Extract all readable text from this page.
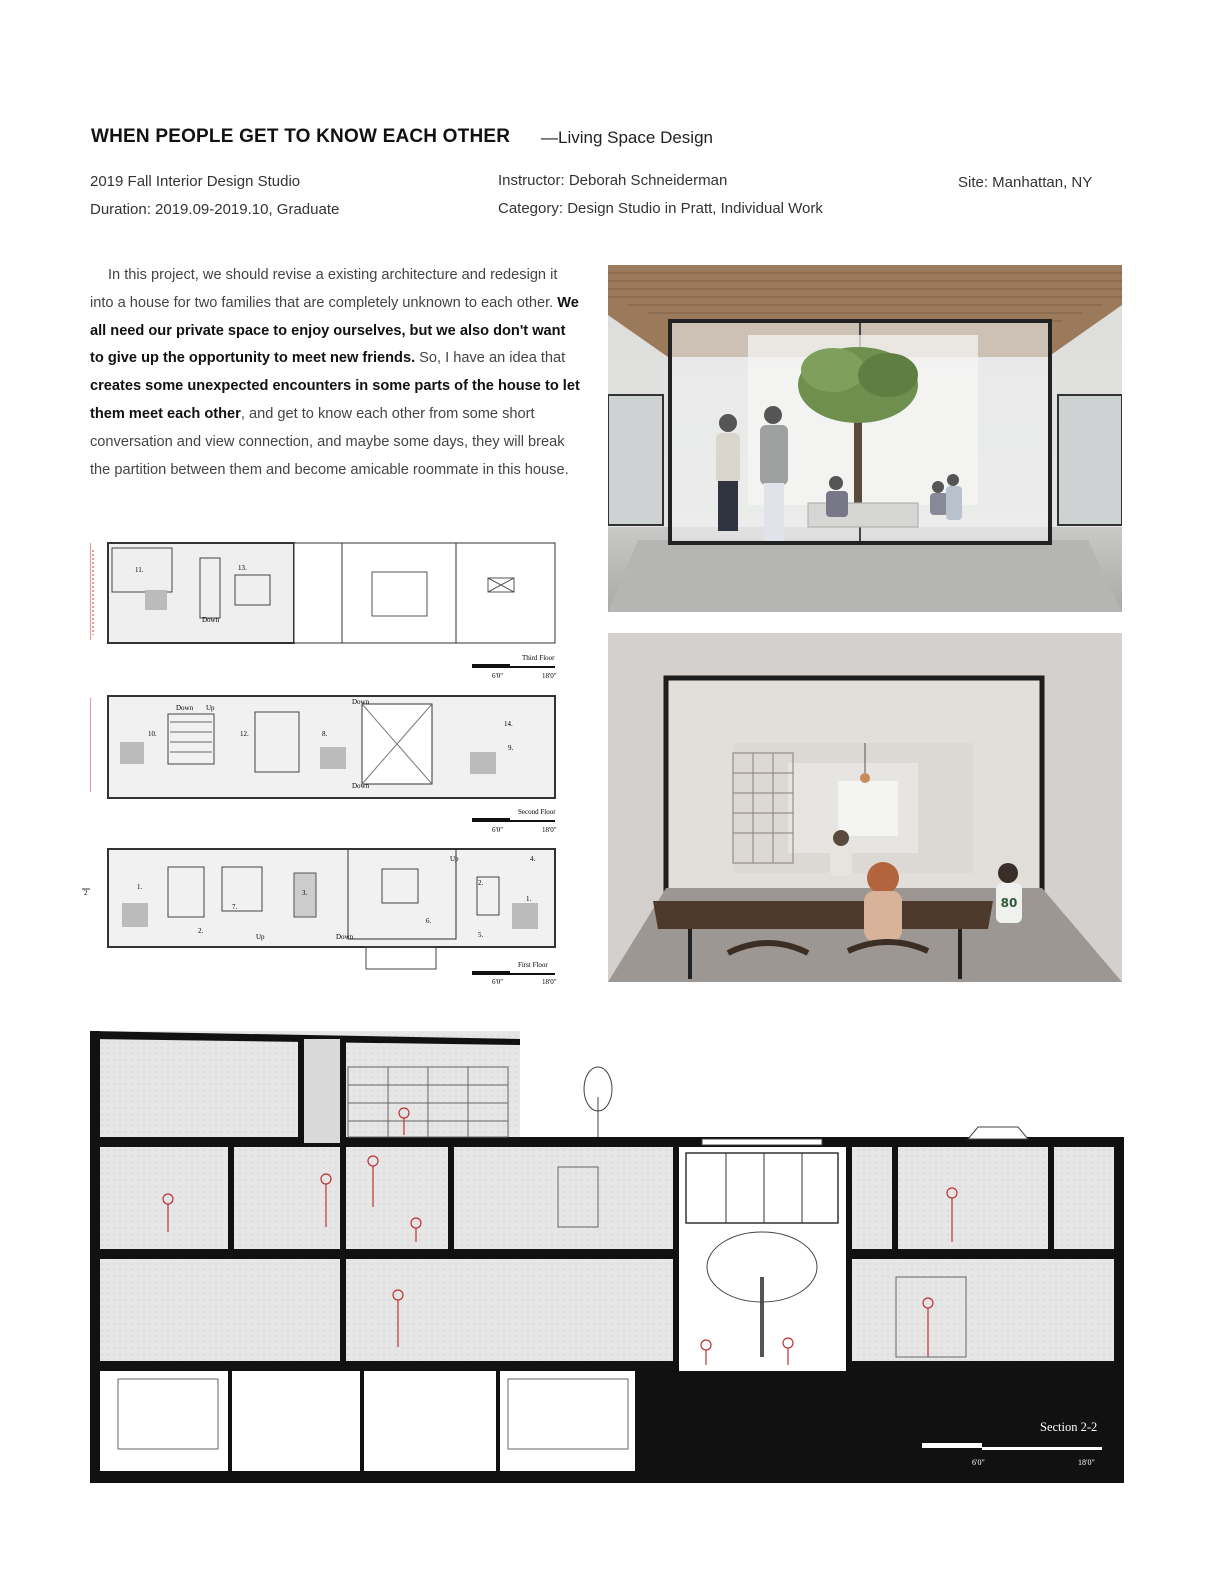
WHEN PEOPLE GET TO KNOW EACH OTHER —Living Space Design
2019 Fall Interior Design Studio
Duration: 2019.09-2019.10, Graduate
Instructor: Deborah Schneiderman
Category: Design Studio in Pratt, Individual Work
Site: Manhattan, NY
In this project, we should revise a existing architecture and redesign it into a house for two families that are completely unknown to each other. We all need our private space to enjoy ourselves, but we also don't want to give up the opportunity to meet new friends. So, I have an idea that creates some unexpected encounters in some parts of the house to let them meet each other, and get to know each other from some short conversation and view connection, and maybe some days, they will break the partition between them and become amicable roommate in this house.
80
11.	13.
Down
Third Floor
6'0"	18'0"
Down Up
10.	12.	8.
14.
9.
Down
Down
Second Floor
6'0"	18'0"
2
1.
2.
3.
6.
7.
2.
1.
5.
4.
Up
Up
Down
First Floor
6'0"	18'0"
Section 2-2
6'0"	18'0"
